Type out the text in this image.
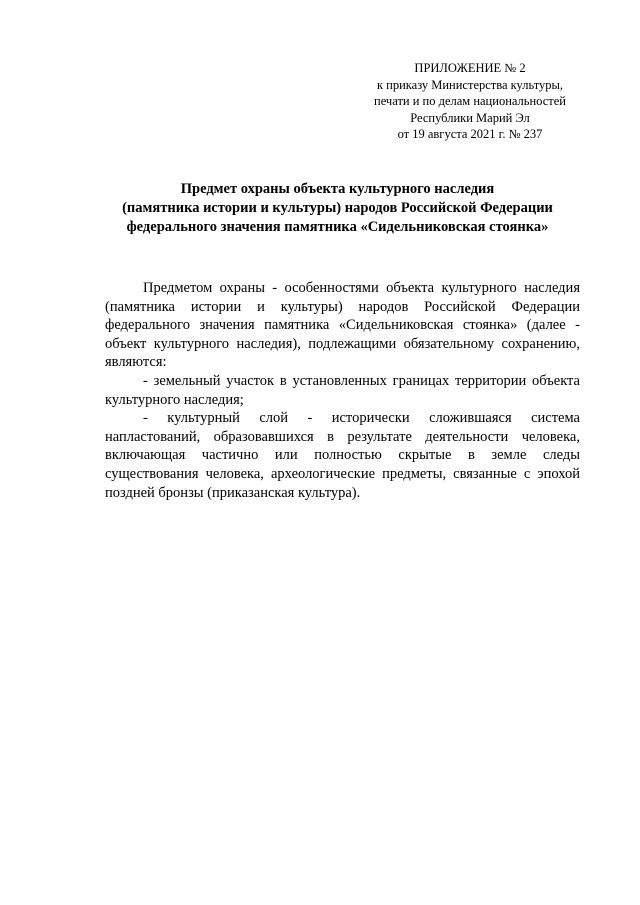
ПРИЛОЖЕНИЕ № 2
к приказу Министерства культуры,
печати и по делам национальностей
Республики Марий Эл
от 19 августа 2021 г. № 237
Предмет охраны объекта культурного наследия
(памятника истории и культуры) народов Российской Федерации
федерального значения памятника «Сидельниковская стоянка»

Предметом охраны - особенностями объекта культурного наследия (памятника истории и культуры) народов Российской Федерации федерального значения памятника «Сидельниковская стоянка» (далее - объект культурного наследия), подлежащими обязательному сохранению, являются:

- земельный участок в установленных границах территории объекта культурного наследия;

- культурный слой - исторически сложившаяся система напластований, образовавшихся в результате деятельности человека, включающая частично или полностью скрытые в земле следы существования человека, археологические предметы, связанные с эпохой поздней бронзы (приказанская культура).
